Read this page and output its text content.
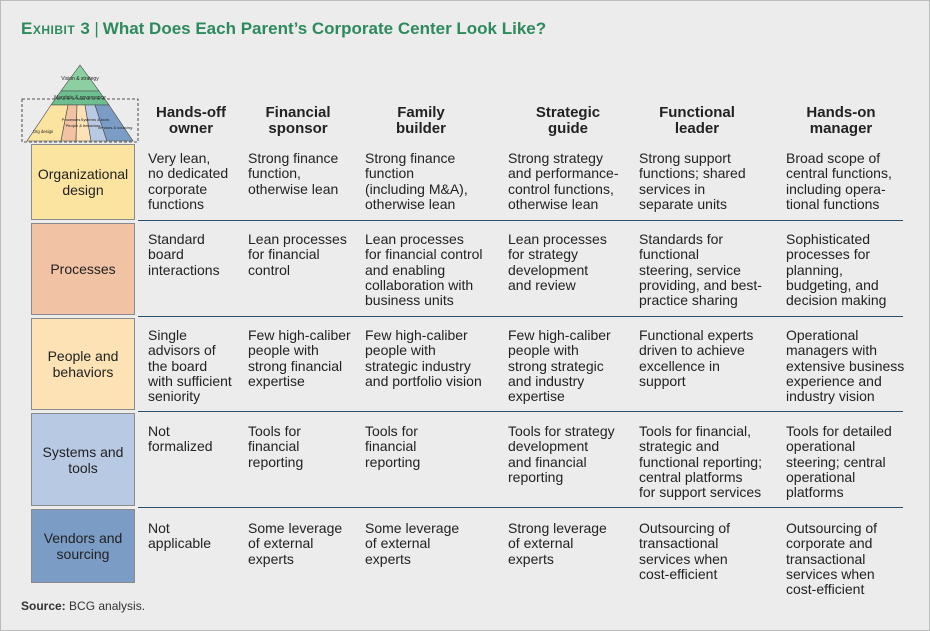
Exhibit 3 | What Does Each Parent’s Corporate Center Look Like?
Vision & strategy
Mandate & governance
Org design
Processes
People & behaviors
Systems & tools
Vendors & sourcing
Hands-off
owner
Financial
sponsor
Family
builder
Strategic
guide
Functional
leader
Hands-on
manager
Organizational
design
Processes
People and
behaviors
Systems and
tools
Vendors and
sourcing
Very lean,
no dedicated
corporate
functions
Strong finance
function,
otherwise lean
Strong finance
function
(including M&A),
otherwise lean
Strong strategy
and performance-
control functions,
otherwise lean
Strong support
functions; shared
services in
separate units
Broad scope of
central functions,
including opera-
tional functions
Standard
board
interactions
Lean processes
for financial
control
Lean processes
for financial control
and enabling
collaboration with
business units
Lean processes
for strategy
development
and review
Standards for
functional
steering, service
providing, and best-
practice sharing
Sophisticated
processes for
planning,
budgeting, and
decision making
Single
advisors of
the board
with sufficient
seniority
Few high-caliber
people with
strong financial
expertise
Few high-caliber
people with
strategic industry
and portfolio vision
Few high-caliber
people with
strong strategic
and industry
expertise
Functional experts
driven to achieve
excellence in
support
Operational
managers with
extensive business
experience and
industry vision
Not
formalized
Tools for
financial
reporting
Tools for
financial
reporting
Tools for strategy
development
and financial
reporting
Tools for financial,
strategic and
functional reporting;
central platforms
for support services
Tools for detailed
operational
steering; central
operational
platforms
Not
applicable
Some leverage
of external
experts
Some leverage
of external
experts
Strong leverage
of external
experts
Outsourcing of
transactional
services when
cost-efficient
Outsourcing of
corporate and
transactional
services when
cost-efficient
Source: BCG analysis.
